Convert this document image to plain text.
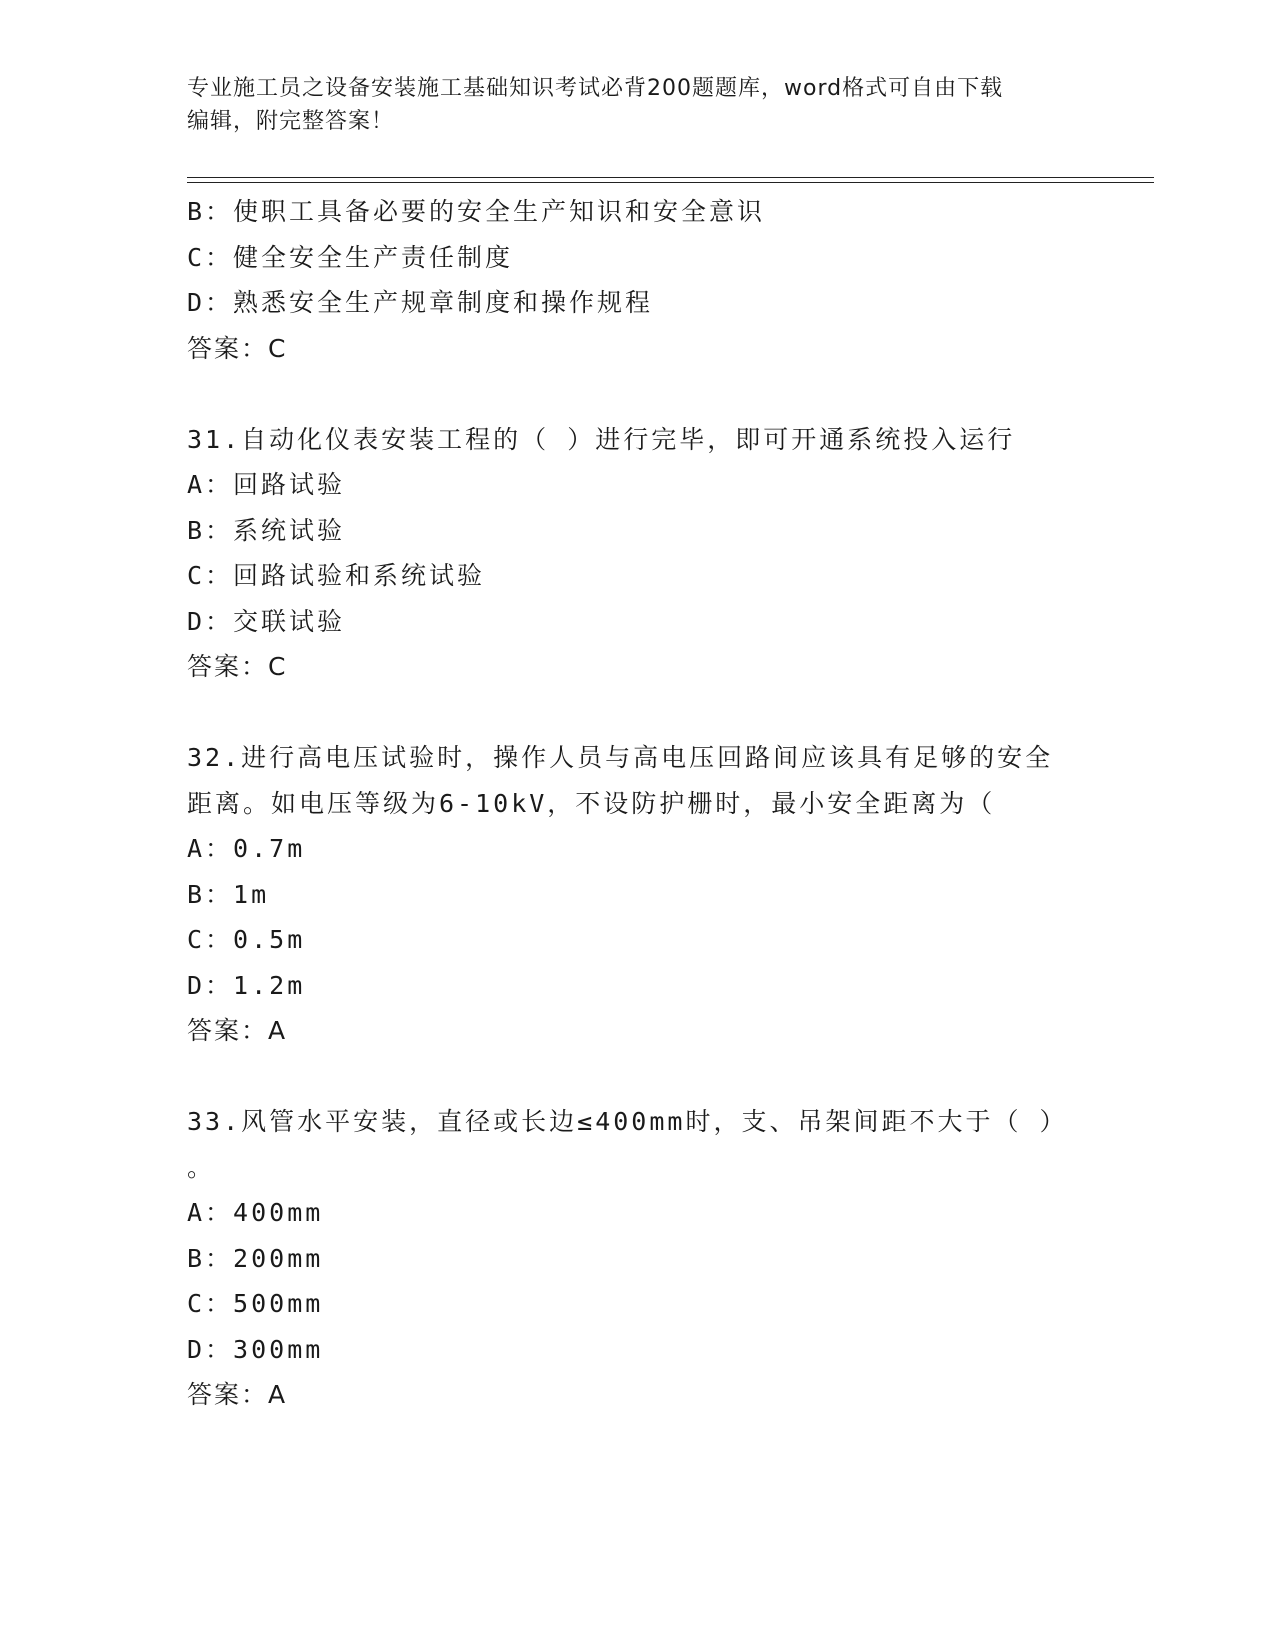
专业施工员之设备安装施工基础知识考试必背200题题库，word格式可自由下载
编辑，附完整答案！
B：使职工具备必要的安全生产知识和安全意识
C：健全安全生产责任制度
D：熟悉安全生产规章制度和操作规程
答案：C
31.自动化仪表安装工程的（ ）进行完毕，即可开通系统投入运行
A：回路试验
B：系统试验
C：回路试验和系统试验
D：交联试验
答案：C
32.进行高电压试验时，操作人员与高电压回路间应该具有足够的安全
距离。如电压等级为6-10kV，不设防护栅时，最小安全距离为（
A：0.7m
B：1m
C：0.5m
D：1.2m
答案：A
33.风管水平安装，直径或长边≤400mm时，支、吊架间距不大于（ ）
。
A：400mm
B：200mm
C：500mm
D：300mm
答案：A
